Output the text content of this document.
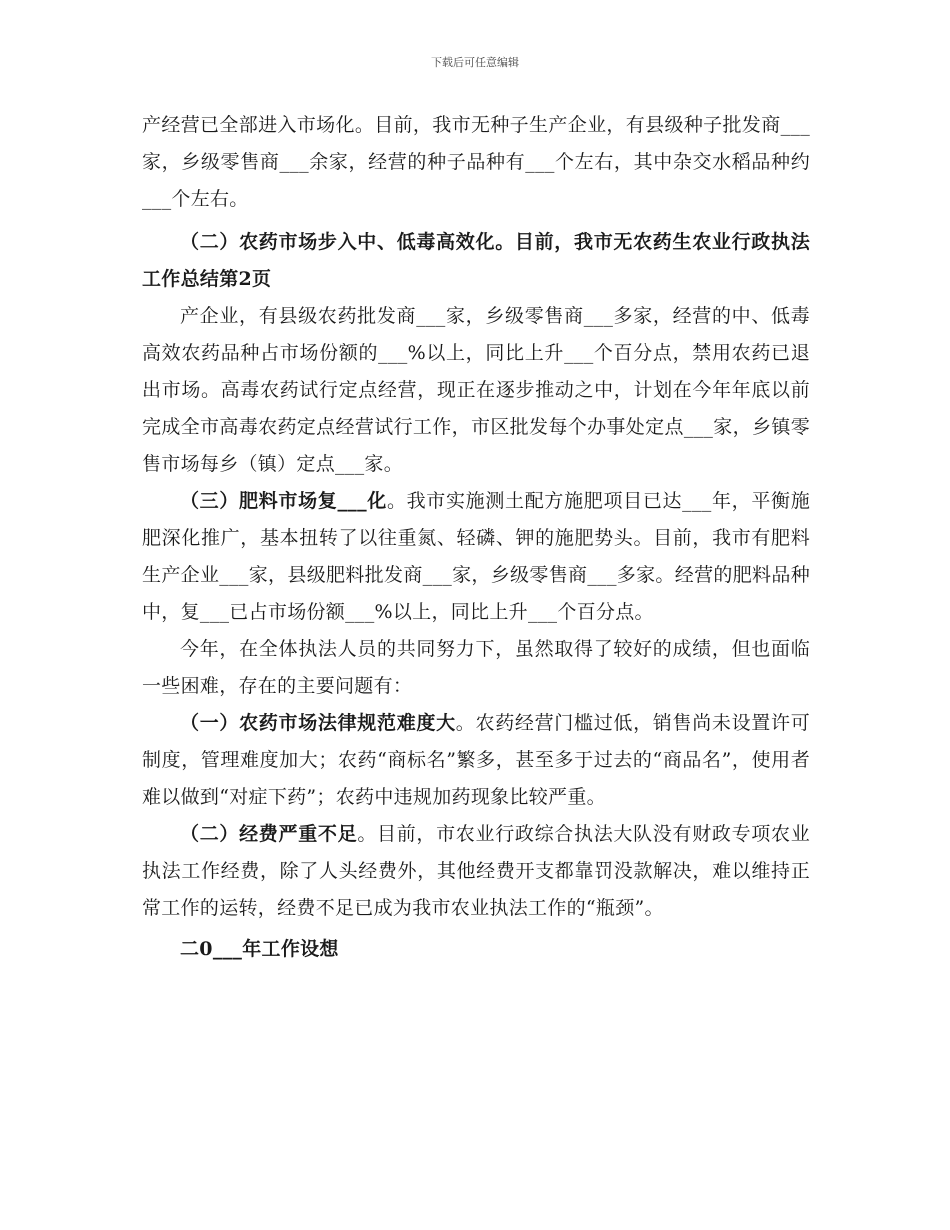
下载后可任意编辑

产经营已全部进入市场化。目前，我市无种子生产企业，有县级种子批发商___家，乡级零售商___余家，经营的种子品种有___个左右，其中杂交水稻品种约___个左右。

（二）农药市场步入中、低毒高效化。目前，我市无农药生农业行政执法工作总结第2页

产企业，有县级农药批发商___家，乡级零售商___多家，经营的中、低毒高效农药品种占市场份额的___%以上，同比上升___个百分点，禁用农药已退出市场。高毒农药试行定点经营，现正在逐步推动之中，计划在今年年底以前完成全市高毒农药定点经营试行工作，市区批发每个办事处定点___家，乡镇零售市场每乡（镇）定点___家。

（三）肥料市场复___化。我市实施测土配方施肥项目已达___年，平衡施肥深化推广，基本扭转了以往重氮、轻磷、钾的施肥势头。目前，我市有肥料生产企业___家，县级肥料批发商___家，乡级零售商___多家。经营的肥料品种中，复___已占市场份额___%以上，同比上升___个百分点。

今年，在全体执法人员的共同努力下，虽然取得了较好的成绩，但也面临一些困难，存在的主要问题有：

（一）农药市场法律规范难度大。农药经营门槛过低，销售尚未设置许可制度，管理难度加大；农药“商标名”繁多，甚至多于过去的“商品名”，使用者难以做到“对症下药”；农药中违规加药现象比较严重。

（二）经费严重不足。目前，市农业行政综合执法大队没有财政专项农业执法工作经费，除了人头经费外，其他经费开支都靠罚没款解决，难以维持正常工作的运转，经费不足已成为我市农业执法工作的“瓶颈”。

二0___年工作设想
